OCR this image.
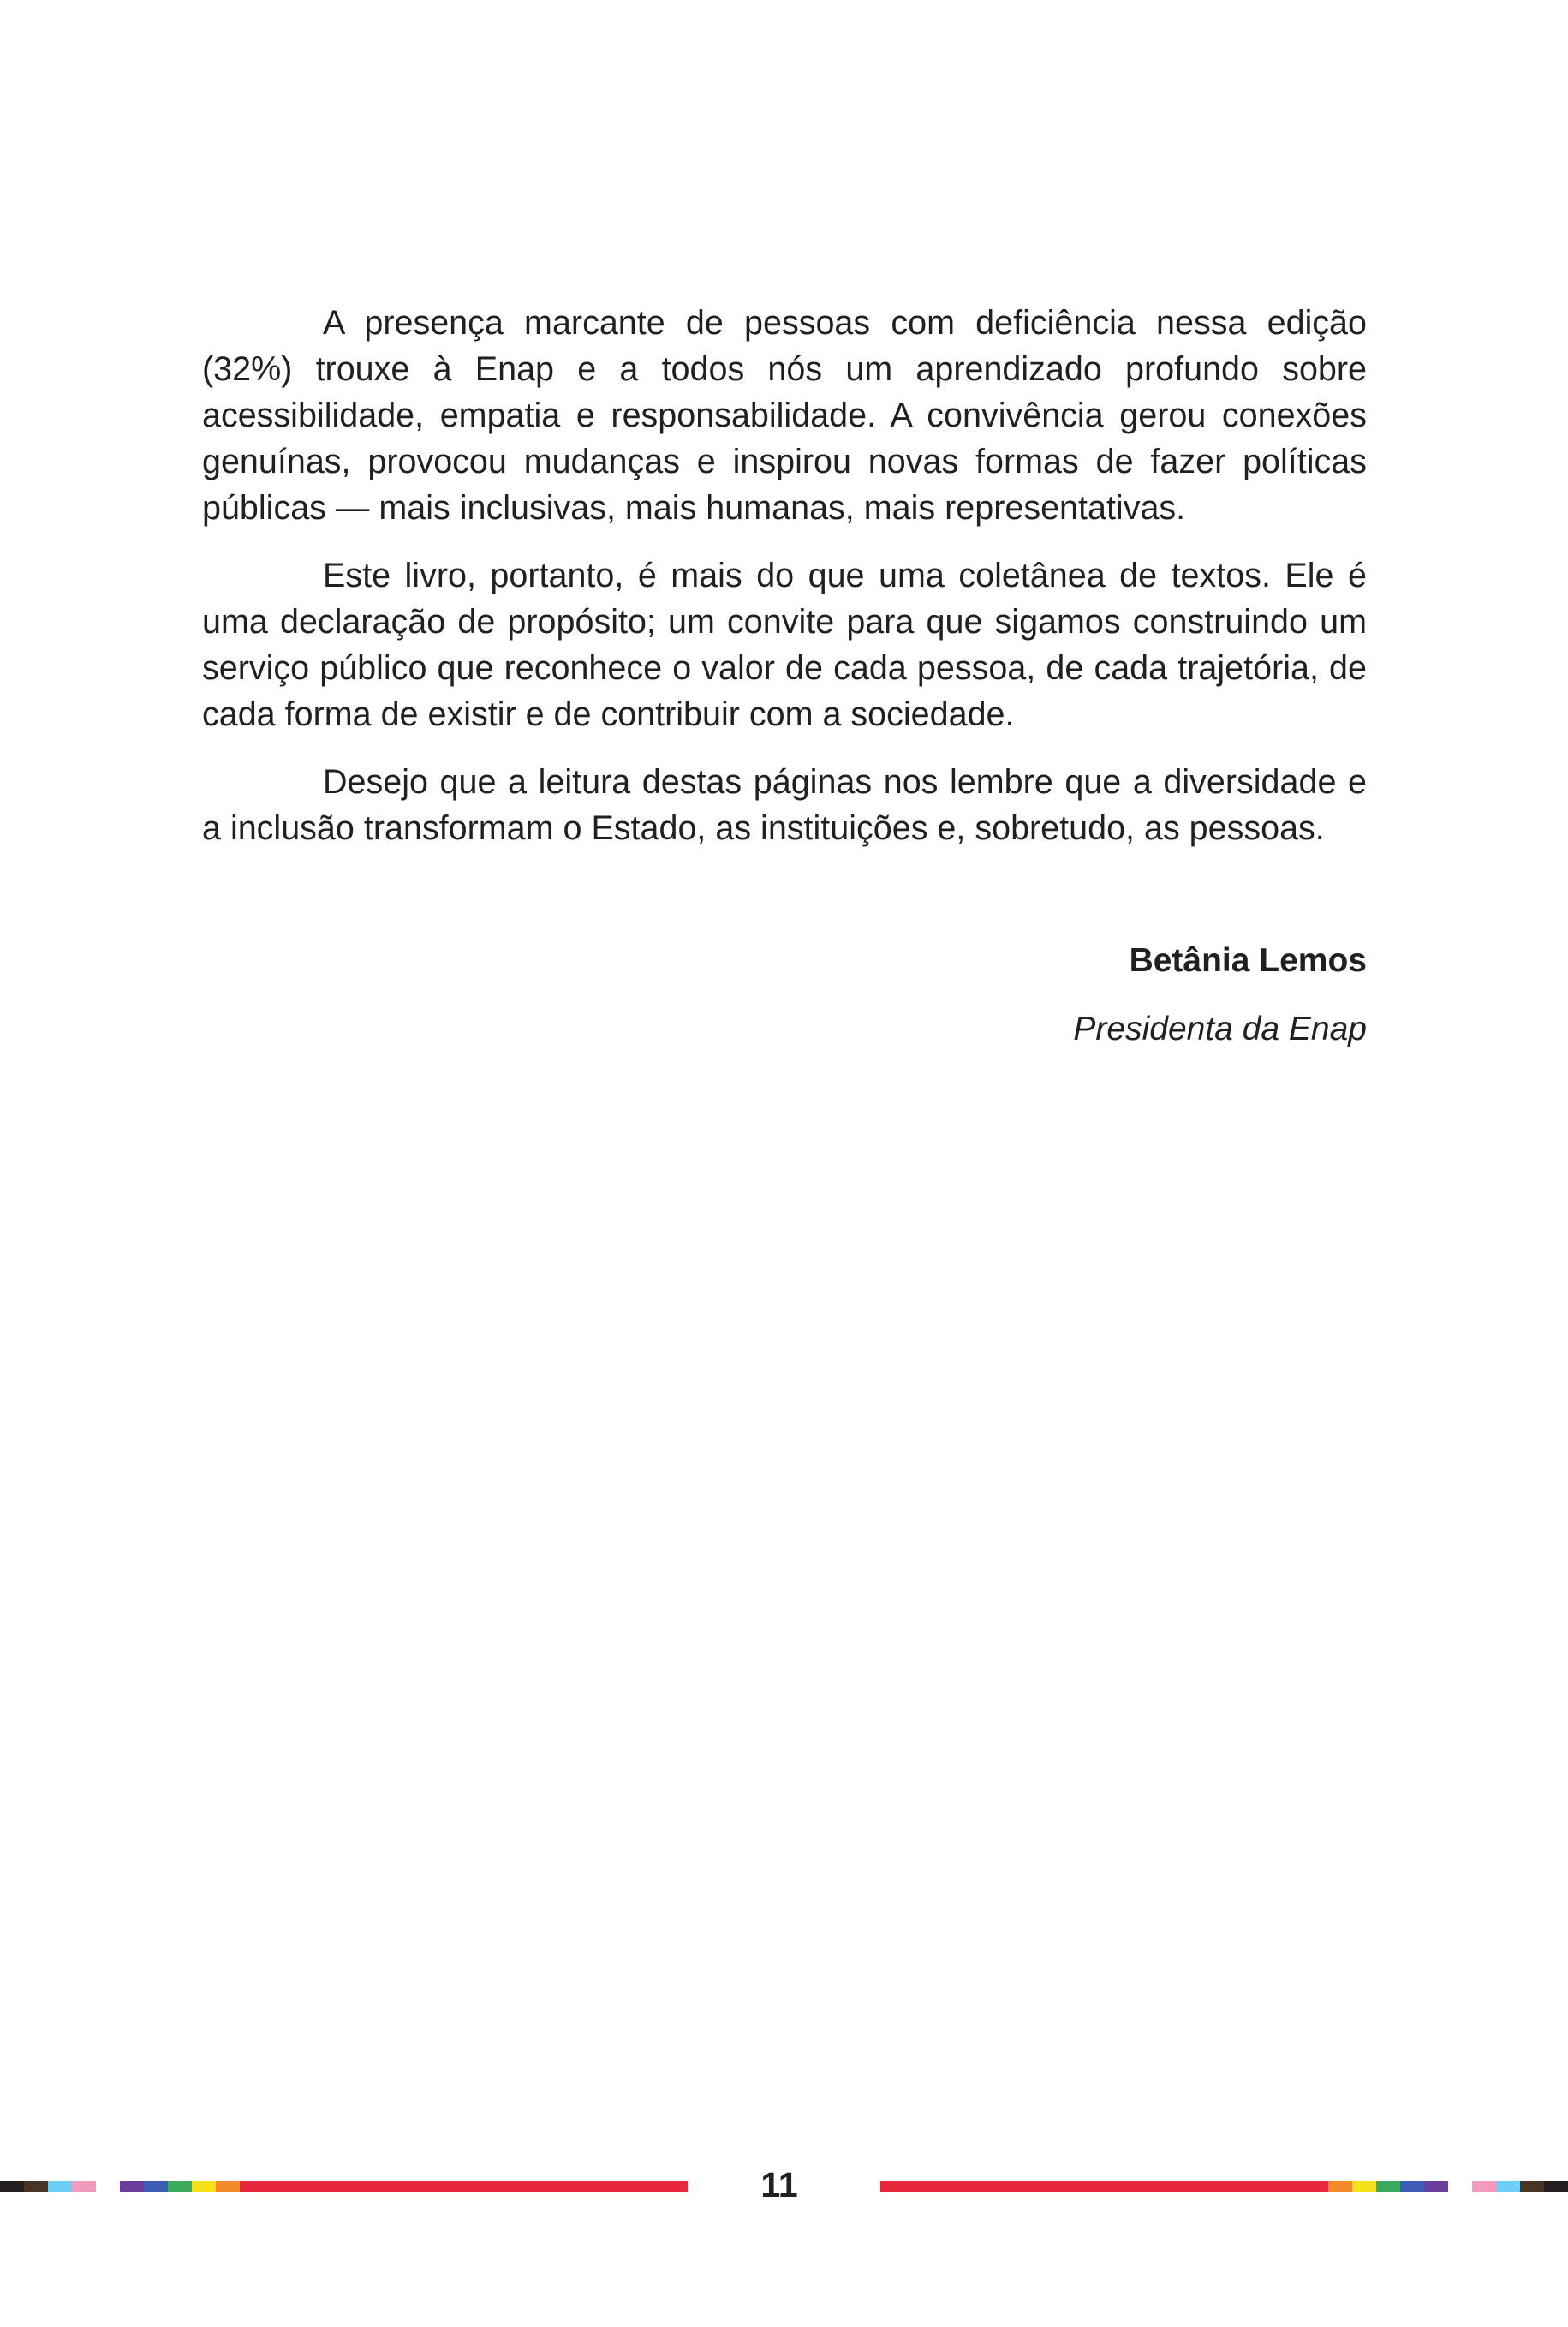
A presença marcante de pessoas com deficiência nessa edição (32%) trouxe à Enap e a todos nós um aprendizado profundo sobre acessibilidade, empatia e responsabilidade. A convivência gerou conexões genuínas, provocou mudanças e inspirou novas formas de fazer políticas públicas — mais inclusivas, mais humanas, mais representativas.

Este livro, portanto, é mais do que uma coletânea de textos. Ele é uma declaração de propósito; um convite para que sigamos construindo um serviço público que reconhece o valor de cada pessoa, de cada trajetória, de cada forma de existir e de contribuir com a sociedade.

Desejo que a leitura destas páginas nos lembre que a diversidade e a inclusão transformam o Estado, as instituições e, sobretudo, as pessoas.

Betânia Lemos

Presidenta da Enap

11
